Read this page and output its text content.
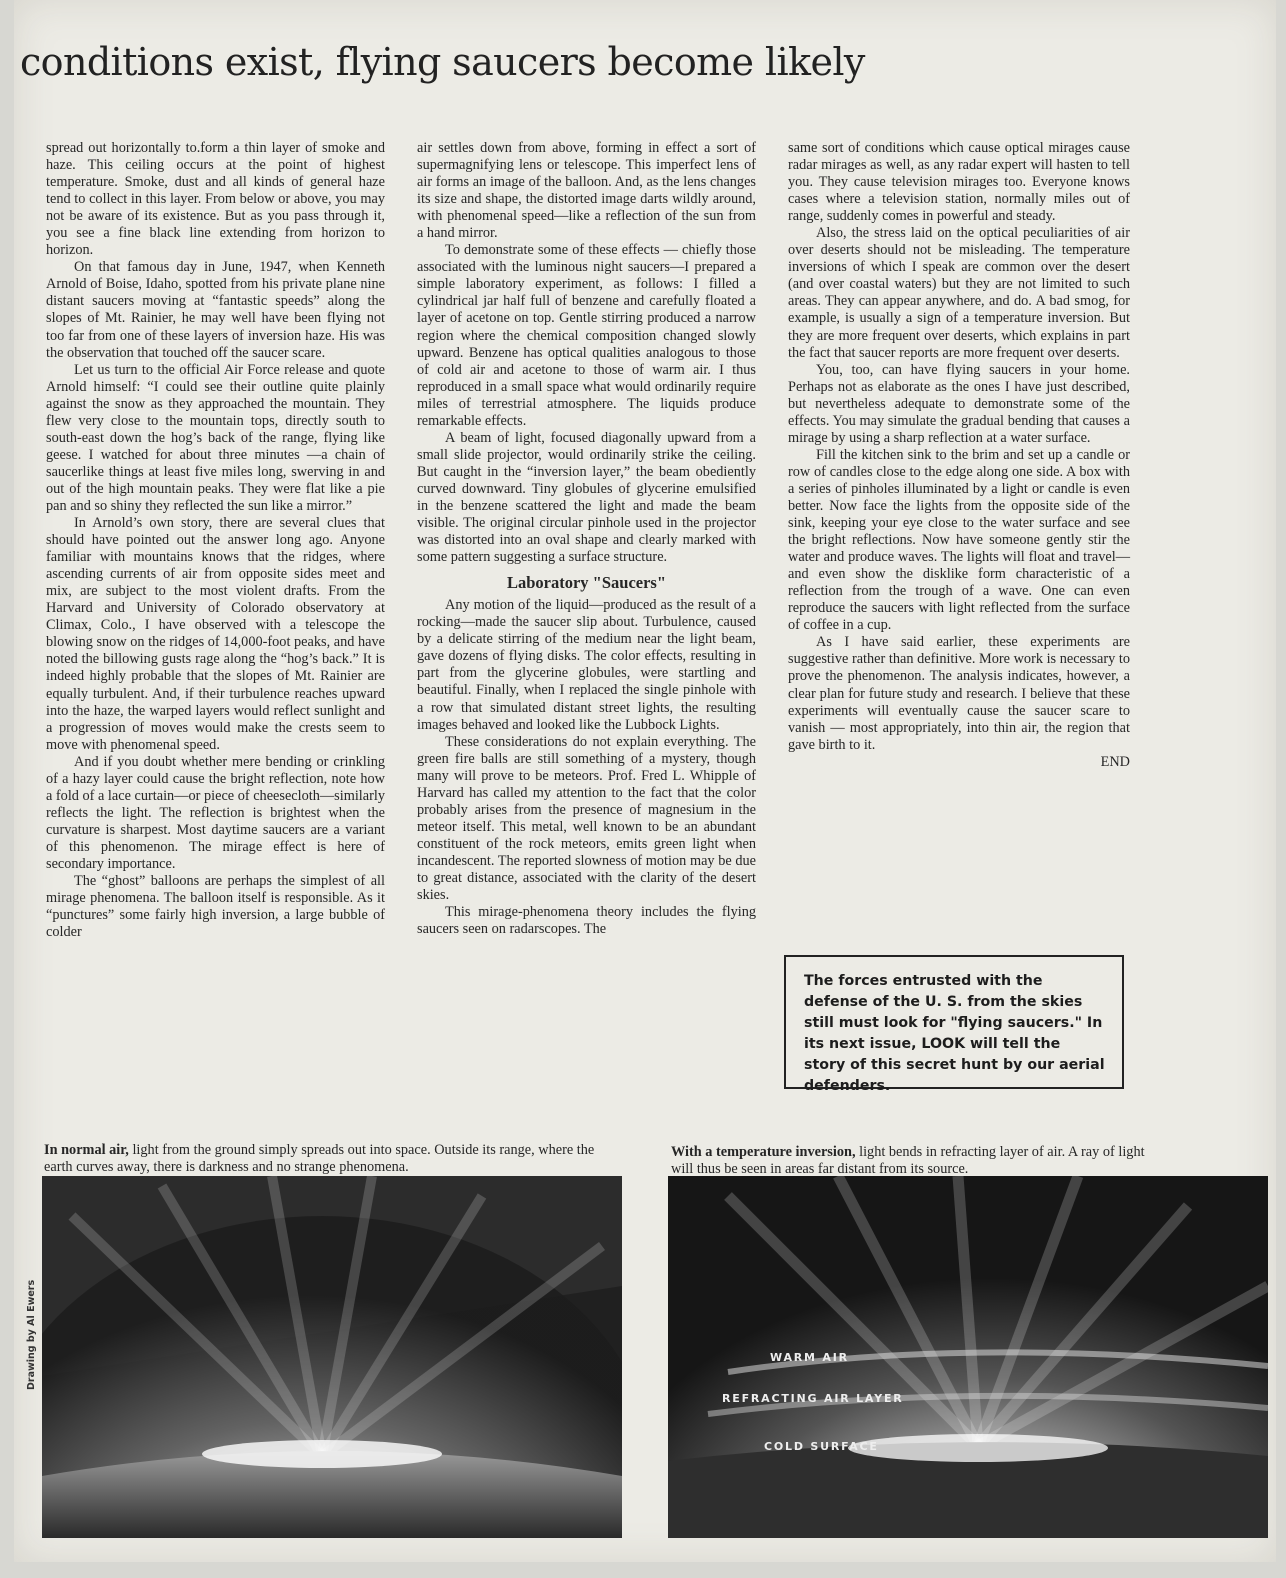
conditions exist, flying saucers become likely

spread out horizontally to.form a thin layer of smoke and haze. This ceiling occurs at the point of highest temperature. Smoke, dust and all kinds of general haze tend to collect in this layer. From below or above, you may not be aware of its existence. But as you pass through it, you see a fine black line extending from horizon to horizon.

On that famous day in June, 1947, when Kenneth Arnold of Boise, Idaho, spotted from his private plane nine distant saucers moving at “fantastic speeds” along the slopes of Mt. Rainier, he may well have been flying not too far from one of these layers of inversion haze. His was the observation that touched off the saucer scare.

Let us turn to the official Air Force release and quote Arnold himself: “I could see their outline quite plainly against the snow as they approached the mountain. They flew very close to the mountain tops, directly south to south-east down the hog’s back of the range, flying like geese. I watched for about three minutes —a chain of saucerlike things at least five miles long, swerving in and out of the high mountain peaks. They were flat like a pie pan and so shiny they reflected the sun like a mirror.”

In Arnold’s own story, there are several clues that should have pointed out the answer long ago. Anyone familiar with mountains knows that the ridges, where ascending currents of air from opposite sides meet and mix, are subject to the most violent drafts. From the Harvard and University of Colorado observatory at Climax, Colo., I have observed with a telescope the blowing snow on the ridges of 14,000-foot peaks, and have noted the billowing gusts rage along the “hog’s back.” It is indeed highly probable that the slopes of Mt. Rainier are equally turbulent. And, if their turbulence reaches upward into the haze, the warped layers would reflect sunlight and a progression of moves would make the crests seem to move with phenomenal speed.

And if you doubt whether mere bending or crinkling of a hazy layer could cause the bright reflection, note how a fold of a lace curtain—or piece of cheesecloth—similarly reflects the light. The reflection is brightest when the curvature is sharpest. Most daytime saucers are a variant of this phenomenon. The mirage effect is here of secondary importance.

The “ghost” balloons are perhaps the simplest of all mirage phenomena. The balloon itself is responsible. As it “punctures” some fairly high inversion, a large bubble of colder

air settles down from above, forming in effect a sort of supermagnifying lens or telescope. This imperfect lens of air forms an image of the balloon. And, as the lens changes its size and shape, the distorted image darts wildly around, with phenomenal speed—like a reflection of the sun from a hand mirror.

To demonstrate some of these effects — chiefly those associated with the luminous night saucers—I prepared a simple laboratory experiment, as follows: I filled a cylindrical jar half full of benzene and carefully floated a layer of acetone on top. Gentle stirring produced a narrow region where the chemical composition changed slowly upward. Benzene has optical qualities analogous to those of cold air and acetone to those of warm air. I thus reproduced in a small space what would ordinarily require miles of terrestrial atmosphere. The liquids produce remarkable effects.

A beam of light, focused diagonally upward from a small slide projector, would ordinarily strike the ceiling. But caught in the “inversion layer,” the beam obediently curved downward. Tiny globules of glycerine emulsified in the benzene scattered the light and made the beam visible. The original circular pinhole used in the projector was distorted into an oval shape and clearly marked with some pattern suggesting a surface structure.

Laboratory "Saucers"

Any motion of the liquid—produced as the result of a rocking—made the saucer slip about. Turbulence, caused by a delicate stirring of the medium near the light beam, gave dozens of flying disks. The color effects, resulting in part from the glycerine globules, were startling and beautiful. Finally, when I replaced the single pinhole with a row that simulated distant street lights, the resulting images behaved and looked like the Lubbock Lights.

These considerations do not explain everything. The green fire balls are still something of a mystery, though many will prove to be meteors. Prof. Fred L. Whipple of Harvard has called my attention to the fact that the color probably arises from the presence of magnesium in the meteor itself. This metal, well known to be an abundant constituent of the rock meteors, emits green light when incandescent. The reported slowness of motion may be due to great distance, associated with the clarity of the desert skies.

This mirage-phenomena theory includes the flying saucers seen on radarscopes. The

same sort of conditions which cause optical mirages cause radar mirages as well, as any radar expert will hasten to tell you. They cause television mirages too. Everyone knows cases where a television station, normally miles out of range, suddenly comes in powerful and steady.

Also, the stress laid on the optical peculiarities of air over deserts should not be misleading. The temperature inversions of which I speak are common over the desert (and over coastal waters) but they are not limited to such areas. They can appear anywhere, and do. A bad smog, for example, is usually a sign of a temperature inversion. But they are more frequent over deserts, which explains in part the fact that saucer reports are more frequent over deserts.

You, too, can have flying saucers in your home. Perhaps not as elaborate as the ones I have just described, but nevertheless adequate to demonstrate some of the effects. You may simulate the gradual bending that causes a mirage by using a sharp reflection at a water surface.

Fill the kitchen sink to the brim and set up a candle or row of candles close to the edge along one side. A box with a series of pinholes illuminated by a light or candle is even better. Now face the lights from the opposite side of the sink, keeping your eye close to the water surface and see the bright reflections. Now have someone gently stir the water and produce waves. The lights will float and travel—and even show the disklike form characteristic of a reflection from the trough of a wave. One can even reproduce the saucers with light reflected from the surface of coffee in a cup.

As I have said earlier, these experiments are suggestive rather than definitive. More work is necessary to prove the phenomenon. The analysis indicates, however, a clear plan for future study and research. I believe that these experiments will eventually cause the saucer scare to vanish — most appropriately, into thin air, the region that gave birth to it.

END
The forces entrusted with the defense of the U. S. from the skies still must look for "flying saucers." In its next issue, LOOK will tell the story of this secret hunt by our aerial defenders.
In normal air, light from the ground simply spreads out into space. Outside its range, where the earth curves away, there is darkness and no strange phenomena.
With a temperature inversion, light bends in refracting layer of air. A ray of light will thus be seen in areas far distant from its source.
WARM AIR
REFRACTING AIR LAYER
COLD SURFACE
Drawing by Al Ewers
